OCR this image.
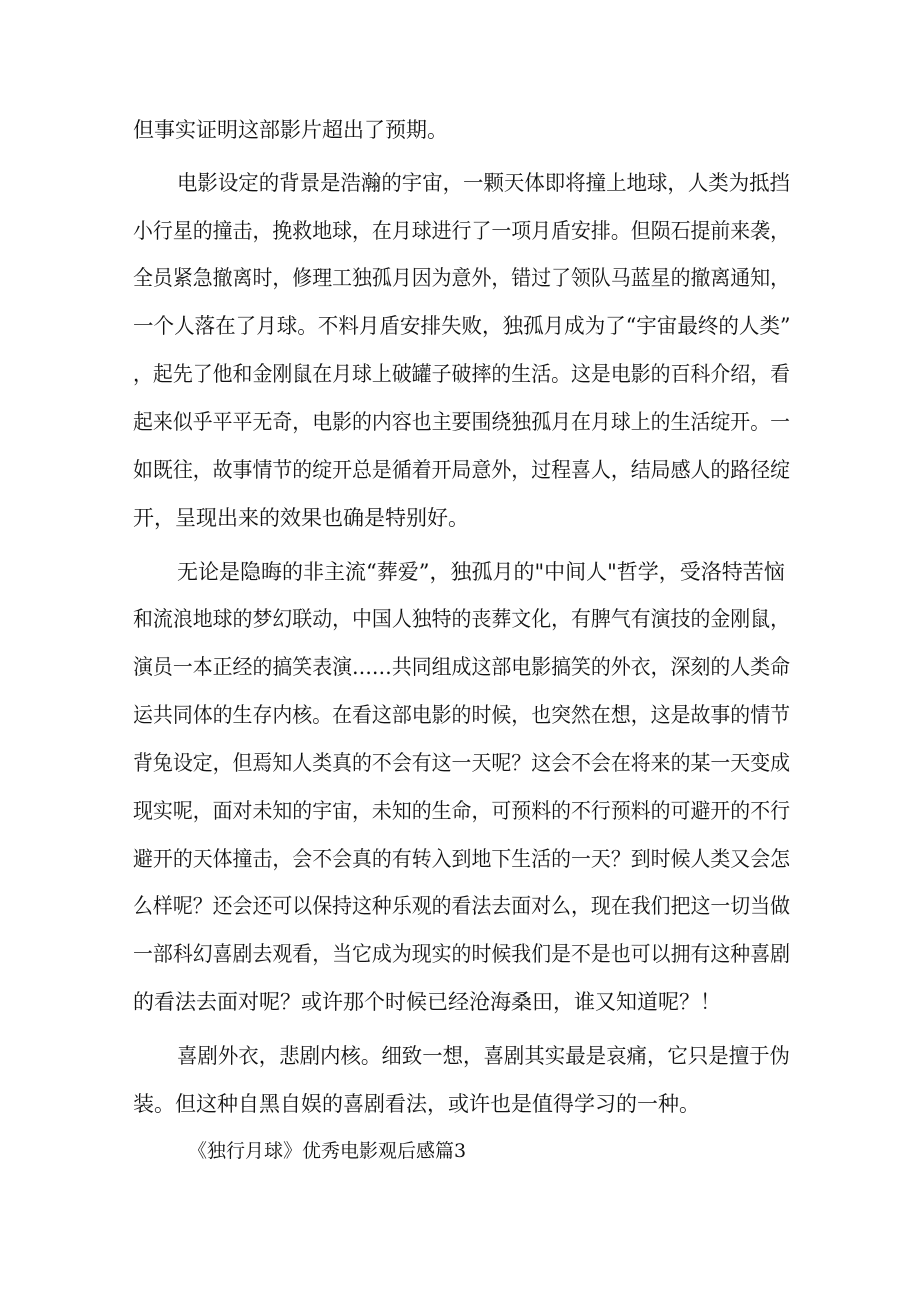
但事实证明这部影片超出了预期。
电影设定的背景是浩瀚的宇宙，一颗天体即将撞上地球，人类为抵挡
小行星的撞击，挽救地球，在月球进行了一项月盾安排。但陨石提前来袭，
全员紧急撤离时，修理工独孤月因为意外，错过了领队马蓝星的撤离通知，
一个人落在了月球。不料月盾安排失败，独孤月成为了“宇宙最终的人类”
，起先了他和金刚鼠在月球上破罐子破摔的生活。这是电影的百科介绍，看
起来似乎平平无奇，电影的内容也主要围绕独孤月在月球上的生活绽开。一
如既往，故事情节的绽开总是循着开局意外，过程喜人，结局感人的路径绽
开，呈现出来的效果也确是特别好。
无论是隐晦的非主流“葬爱”，独孤月的"中间人"哲学，受洛特苦恼
和流浪地球的梦幻联动，中国人独特的丧葬文化，有脾气有演技的金刚鼠，
演员一本正经的搞笑表演……共同组成这部电影搞笑的外衣，深刻的人类命
运共同体的生存内核。在看这部电影的时候，也突然在想，这是故事的情节
背兔设定，但焉知人类真的不会有这一天呢？这会不会在将来的某一天变成
现实呢，面对未知的宇宙，未知的生命，可预料的不行预料的可避开的不行
避开的天体撞击，会不会真的有转入到地下生活的一天？到时候人类又会怎
么样呢？还会还可以保持这种乐观的看法去面对么，现在我们把这一切当做
一部科幻喜剧去观看，当它成为现实的时候我们是不是也可以拥有这种喜剧
的看法去面对呢？或许那个时候已经沧海桑田，谁又知道呢？！
喜剧外衣，悲剧内核。细致一想，喜剧其实最是哀痛，它只是擅于伪
装。但这种自黑自娱的喜剧看法，或许也是值得学习的一种。
《独行月球》优秀电影观后感篇3
